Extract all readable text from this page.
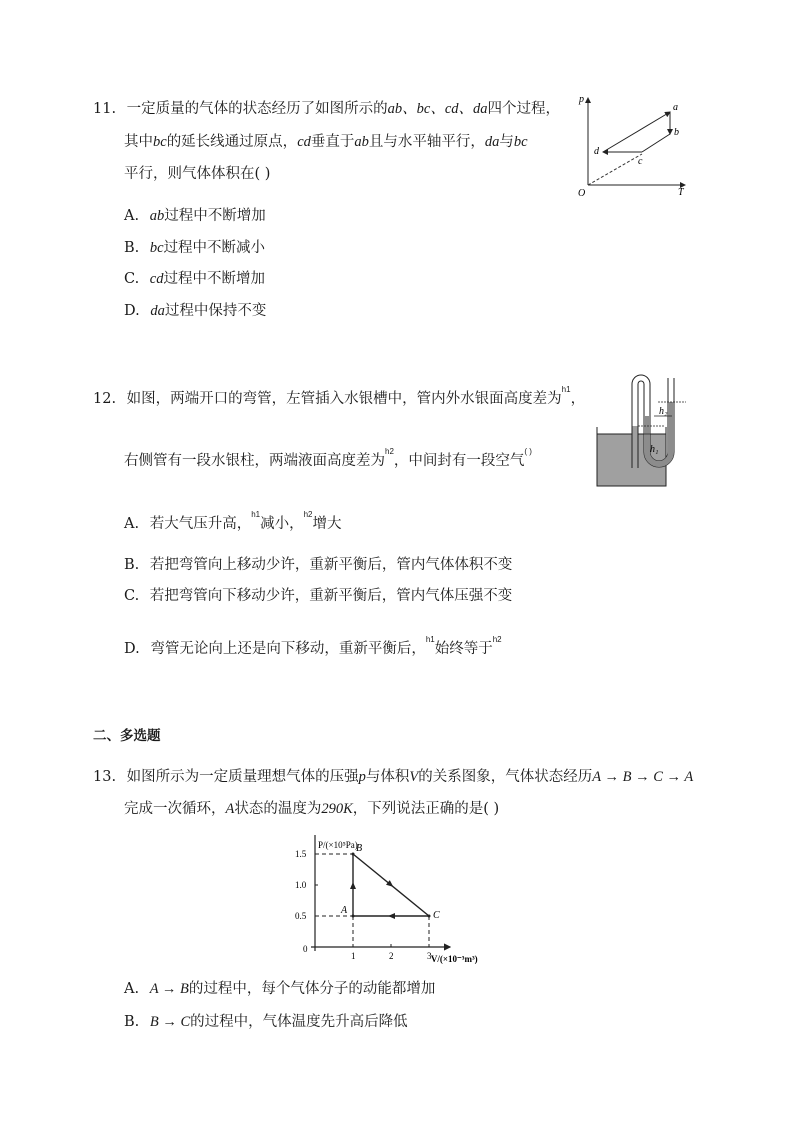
11. 一定质量的气体的状态经历了如图所示的ab、bc、cd、da四个过程，
其中bc的延长线通过原点，cd垂直于ab且与水平轴平行，da与bc
平行，则气体体积在( )
A. ab过程中不断增加
B. bc过程中不断减小
C. cd过程中不断增加
D. da过程中保持不变
p
T
O
a
b
c
d
12. 如图，两端开口的弯管，左管插入水银槽中，管内外水银面高度差为$^{h1}$，
右侧管有一段水银柱，两端液面高度差为$^{h2}$，中间封有一段空气( )
A. 若大气压升高，$^{h1}$减小，$^{h2}$增大
B. 若把弯管向上移动少许，重新平衡后，管内气体体积不变
C. 若把弯管向下移动少许，重新平衡后，管内气体压强不变
D. 弯管无论向上还是向下移动，重新平衡后，$^{h1}$始终等于$^{h2}$
h₂
h₁
二、多选题
13. 如图所示为一定质量理想气体的压强p与体积V的关系图象，气体状态经历A → B → C → A
完成一次循环，A状态的温度为290K，下列说法正确的是( )
P/(×10⁵Pa)
V/(×10⁻³m³)
0
1.5
1.0
0.5
1	2	3
A
B
C
A. A → B的过程中，每个气体分子的动能都增加
B. B → C的过程中，气体温度先升高后降低
